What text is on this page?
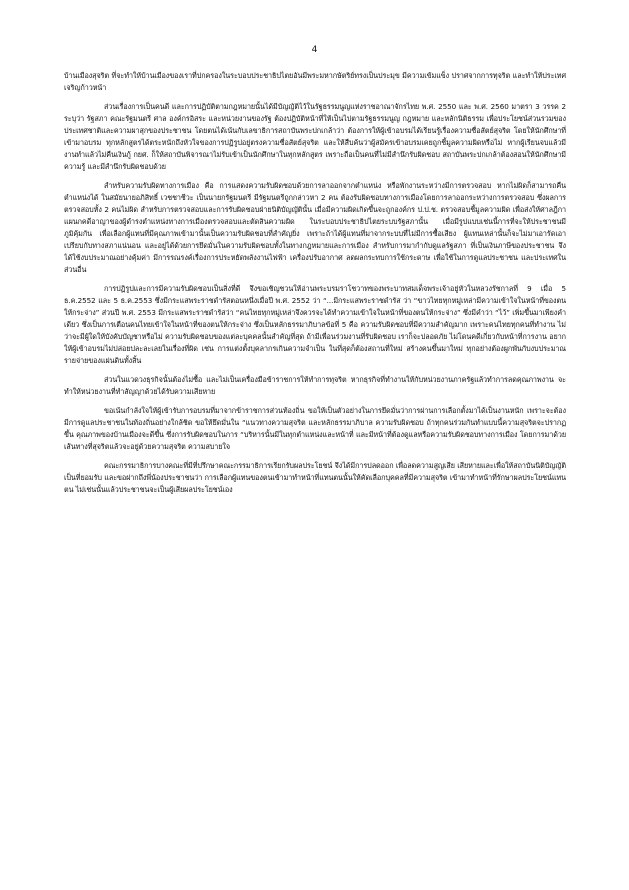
4

บ้านเมืองสุจริต ที่จะทำให้บ้านเมืองของเราที่ปกครองในระบอบประชาธิปไตยอันมีพระมหากษัตริย์ทรงเป็นประมุข มีความเข้มแข็ง ปราศจากการทุจริต และทำให้ประเทศเจริญก้าวหน้า

ส่วนเรื่องการเป็นคนดี และการปฏิบัติตามกฎหมายนั้นได้มีบัญญัติไว้ในรัฐธรรมนูญแห่งราชอาณาจักรไทย พ.ศ. 2550 และ พ.ศ. 2560 มาตรา 3 วรรค 2 ระบุว่า รัฐสภา คณะรัฐมนตรี ศาล องค์กรอิสระ และหน่วยงานของรัฐ ต้องปฏิบัติหน้าที่ให้เป็นไปตามรัฐธรรมนูญ กฎหมาย และหลักนิติธรรม เพื่อประโยชน์ส่วนรวมของประเทศชาติและความผาสุกของประชาชน โดยตนได้เน้นกับเลขาธิการสถาบันพระปกเกล้าว่า ต้องการให้ผู้เข้าอบรมได้เรียนรู้เรื่องความซื่อสัตย์สุจริต โดยให้นักศึกษาที่เข้ามาอบรม ทุกหลักสูตรได้ตระหนักถึงหัวใจของการปฏิรูปอยู่ตรงความซื่อสัตย์สุจริต และให้สืบค้นว่าผู้สมัครเข้าอบรมเคยถูกชี้มูลความผิดหรือไม่ หากผู้เรียนจบแล้วมีงานทำแล้วไม่คืนเงินกู้ กยศ. ก็ให้สถาบันพิจารณาไม่รับเข้าเป็นนักศึกษาในทุกหลักสูตร เพราะถือเป็นคนที่ไม่มีสำนึกรับผิดชอบ สถาบันพระปกเกล้าต้องสอนให้นักศึกษามีความรู้ และมีสำนึกรับผิดชอบด้วย

สำหรับความรับผิดทางการเมือง คือ การแสดงความรับผิดชอบด้วยการลาออกจากตำแหน่ง หรือพักงานระหว่างมีการตรวจสอบ หากไม่ผิดก็สามารถคืนตำแหน่งได้ ในสมัยนายอภิสิทธิ์ เวชชาชีวะ เป็นนายกรัฐมนตรี มีรัฐมนตรีถูกกล่าวหา 2 คน ต้องรับผิดชอบทางการเมืองโดยการลาออกระหว่างการตรวจสอบ ซึ่งผลการตรวจสอบทั้ง 2 คนไม่ผิด สำหรับการตรวจสอบและการรับผิดชอบฝ่ายนิติบัญญัตินั้น เมื่อมีความผิดเกิดขึ้นจะถูกองค์กร ป.ป.ช. ตรวจสอบชี้มูลความผิด เพื่อส่งให้ศาลฎีกาแผนกคดีอาญาของผู้ดำรงตำแหน่งทางการเมืองตรวจสอบและตัดสินความผิด ในระบอบประชาธิปไตยระบบรัฐสภานั้น เมื่อมีรูปแบบเช่นนี้การที่จะให้ประชาชนมีภูมิคุ้มกัน เพื่อเลือกผู้แทนที่มีคุณภาพเข้ามานั้นเป็นความรับผิดชอบที่สำคัญยิ่ง เพราะถ้าได้ผู้แทนที่มาจากระบบที่ไม่มีการซื้อเสียง ผู้แทนเหล่านั้นก็จะไม่มาเอารัดเอาเปรียบกับทางสภาแน่นอน และอยู่ได้ด้วยการยึดมั่นในความรับผิดชอบทั้งในทางกฎหมายและการเมือง สำหรับการมากำกับดูแลรัฐสภา ที่เป็นเงินภาษีของประชาชน จึงได้ใช้งบประมาณอย่างคุ้มค่า มีการรณรงค์เรื่องการประหยัดพลังงานไฟฟ้า เครื่องปรับอากาศ ลดผลกระทบการใช้กระดาษ เพื่อใช้ในการดูแลประชาชน และประเทศในส่วนอื่น

การปฏิรูปและการมีความรับผิดชอบเป็นสิ่งที่ดี จึงขอเชิญชวนให้อ่านพระบรมราโชวาทของพระบาทสมเด็จพระเจ้าอยู่หัวในหลวงรัชกาลที่ 9 เมื่อ 5 ธ.ค.2552 และ 5 ธ.ค.2553 ซึ่งมีกระแสพระราชดำรัสตอนหนึ่งเมื่อปี พ.ศ. 2552 ว่า “...มีกระแสพระราชดำรัส ว่า “ขาวไทยทุกหมู่เหล่ามีความเข้าใจในหน้าที่ของตนให้กระจ่าง” ส่วนปี พ.ศ. 2553 มีกระแสพระราชดำรัสว่า “คนไทยทุกหมู่เหล่าจึงควรจะได้ทำความเข้าใจในหน้าที่ของตนให้กระจ่าง” ซึ่งมีคำว่า “ไว้” เพิ่มขึ้นมาเพียงคำเดียว ซึ่งเป็นการเตือนคนไทยเข้าใจในหน้าที่ของตนให้กระจ่าง ซึ่งเป็นหลักธรรมาภิบาลข้อที่ 5 คือ ความรับผิดชอบที่มีความสำคัญมาก เพราะคนไทยทุกคนที่ทำงาน ไม่ว่าจะมีผู้ใดให้บังคับบัญชาหรือไม่ ความรับผิดชอบของแต่ละบุคคลนั้นสำคัญที่สุด ถ้ามีเพื่อนร่วมงานที่รับผิดชอบ เราก็จะปลอดภัย ไม่โดนคดีเกี่ยวกับหน้าที่การงาน อยากให้ผู้เข้าอบรมไม่ปล่อยปละละเลยในเรื่องที่ผิด เช่น การแต่งตั้งบุคลากรเกินความจำเป็น ในที่สุดก็ต้องสถานที่ใหม่ สร้างคนขึ้นมาใหม่ ทุกอย่างต้องผูกพันกับงบประมาณรายจ่ายของแผ่นดินทั้งสิ้น

ส่วนในแวดวงธุรกิจนั้นต้องไม่ซื้อ และไม่เป็นเครื่องมือข้าราชการให้ทำการทุจริต หากธุรกิจที่ทำงานให้กับหน่วยงานภาครัฐแล้วทำการลดคุณภาพงาน จะทำให้หน่วยงานที่ทำสัญญาด้วยได้รับความเสียหาย

ขอเน้นกำลังใจให้ผู้เข้ารับการอบรมที่มาจากข้าราชการส่วนท้องถิ่น ขอให้เป็นตัวอย่างในการยึดมั่นว่าการผ่านการเลือกตั้งมาได้เป็นงานหนัก เพราะจะต้องมีการดูแลประชาชนในท้องถิ่นอย่างใกล้ชิด ขอให้ยึดมั่นใน “แนวทางความสุจริต และหลักธรรมาภิบาล ความรับผิดชอบ ถ้าทุกคนร่วมกันทำแบบนี้ความสุจริตจะปรากฏขึ้น คุณภาพของบ้านเมืองจะดีขึ้น ซึ่งการรับผิดชอบในการ “บริหารนั้นมีในทุกตำแหน่งและหน้าที่ และมีหน้าที่ต้องดูแลหรือความรับผิดชอบทางการเมือง โดยการมาด้วยเส้นทางที่สุจริตแล้วจะอยู่ด้วยความสุจริต ความสบายใจ

คณะกรรมาธิการบางคณะที่มีที่ปรึกษาคณะกรรมาธิการเรียกรับผลประโยชน์ จึงได้มีการปลดออก เพื่อลดความสูญเสีย เสียหายและเพื่อให้สถาบันนิติบัญญัติเป็นที่ยอมรับ และขอฝากถึงพี่น้องประชาชนว่า การเลือกผู้แทนของตนเข้ามาทำหน้าที่แทนตนนั้นให้คัดเลือกบุคคลที่มีความสุจริต เข้ามาทำหน้าที่รักษาผลประโยชน์แทนตน ไม่เช่นนั้นแล้วประชาชนจะเป็นผู้เสียผลประโยชน์เอง
